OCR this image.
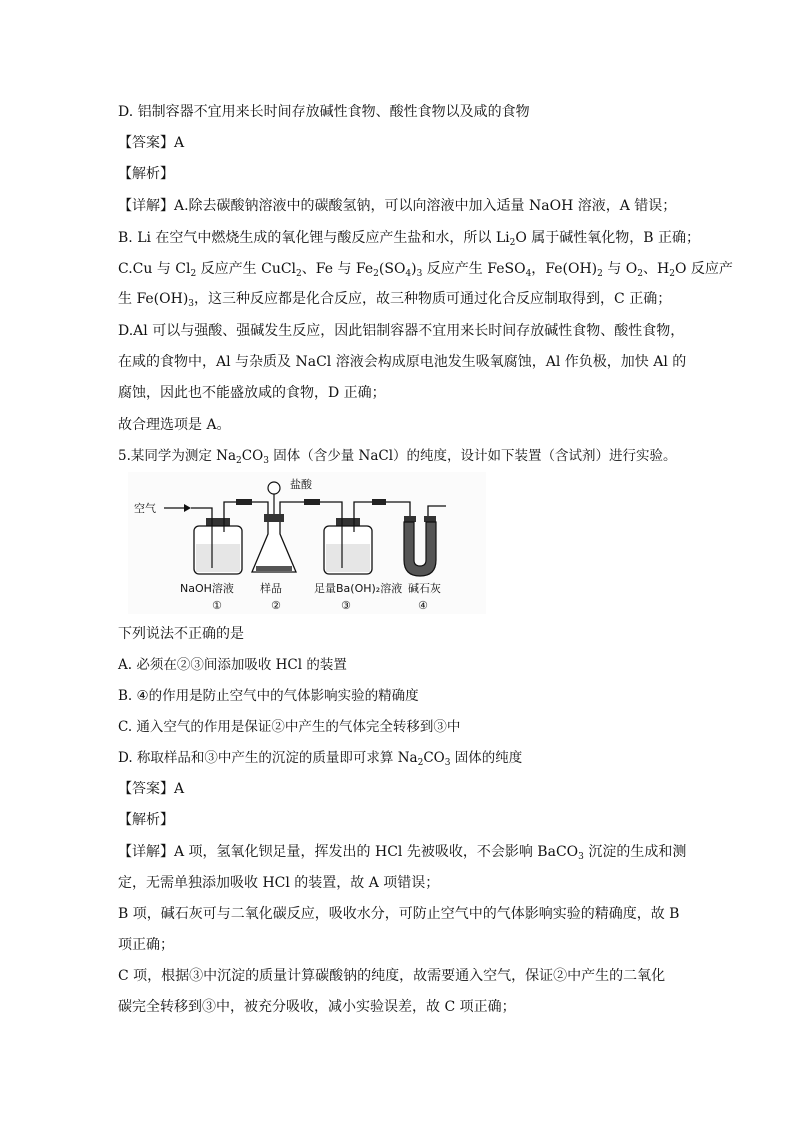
D. 铝制容器不宜用来长时间存放碱性食物、酸性食物以及咸的食物
【答案】A
【解析】
【详解】A.除去碳酸钠溶液中的碳酸氢钠，可以向溶液中加入适量 NaOH 溶液，A 错误；
B. Li 在空气中燃烧生成的氧化锂与酸反应产生盐和水，所以 $Li_2O$ 属于碱性氧化物，B 正确；
C.Cu 与 $Cl_2$ 反应产生 CuCl$_2$、Fe 与 $Fe_2(SO_4)_3$ 反应产生 FeSO$_4$，$Fe(OH)_2$ 与 $O_2$、$H_2O$ 反应产
生 $Fe(OH)_3$，这三种反应都是化合反应，故三种物质可通过化合反应制取得到，C 正确；
D.Al 可以与强酸、强碱发生反应，因此铝制容器不宜用来长时间存放碱性食物、酸性食物，
在咸的食物中，Al 与杂质及 NaCl 溶液会构成原电池发生吸氧腐蚀，Al 作负极，加快 Al 的
腐蚀，因此也不能盛放咸的食物，D 正确；
故合理选项是 A。
5.某同学为测定 $Na_2CO_3$ 固体（含少量 NaCl）的纯度，设计如下装置（含试剂）进行实验。
空气
盐酸
NaOH溶液 样品	足量Ba(OH)₂溶液 碱石灰
①	②	③	④
下列说法不正确的是
A. 必须在②③间添加吸收 HCl 的装置
B. ④的作用是防止空气中的气体影响实验的精确度
C. 通入空气的作用是保证②中产生的气体完全转移到③中
D. 称取样品和③中产生的沉淀的质量即可求算 $Na_2CO_3$ 固体的纯度
【答案】A
【解析】
【详解】A 项，氢氧化钡足量，挥发出的 HCl 先被吸收，不会影响 BaCO$_3$ 沉淀的生成和测
定，无需单独添加吸收 HCl 的装置，故 A 项错误；
B 项，碱石灰可与二氧化碳反应，吸收水分，可防止空气中的气体影响实验的精确度，故 B
项正确；
C 项，根据③中沉淀的质量计算碳酸钠的纯度，故需要通入空气，保证②中产生的二氧化
碳完全转移到③中，被充分吸收，减小实验误差，故 C 项正确；
